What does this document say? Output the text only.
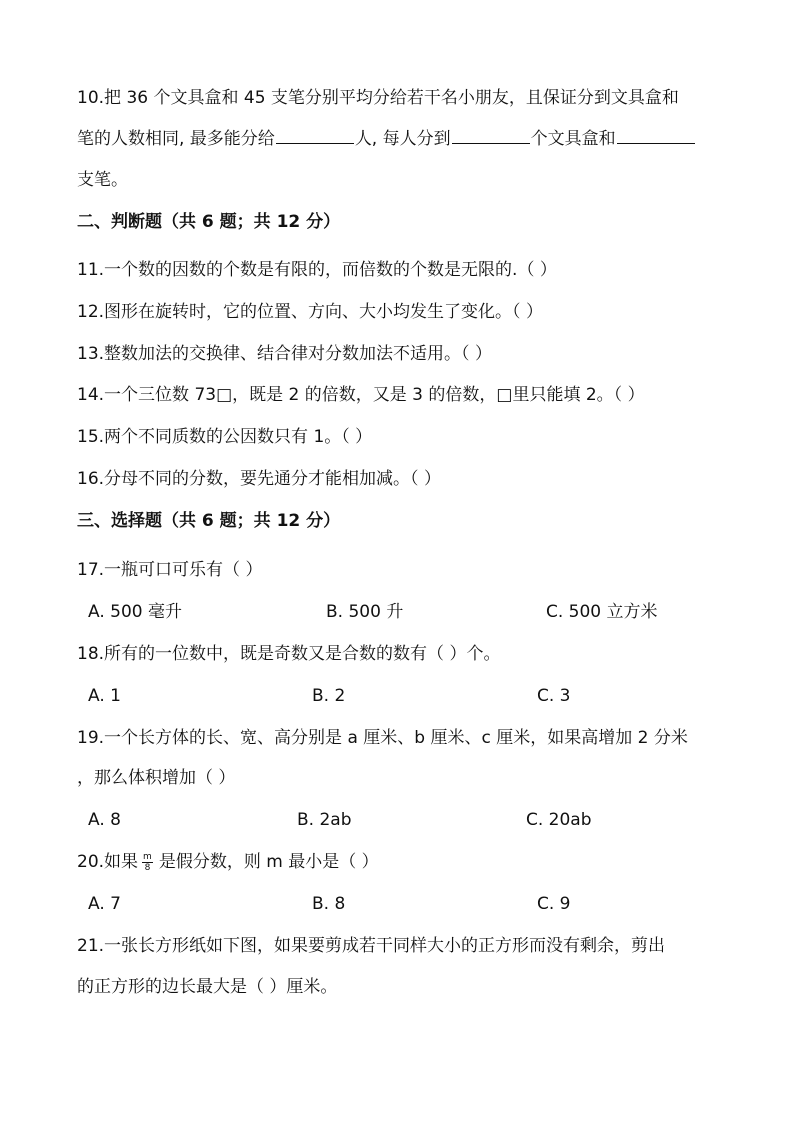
10.把 36 个文具盒和 45 支笔分别平均分给若干名小朋友，且保证分到文具盒和
笔的人数相同, 最多能分给	人, 每人分到	个文具盒和
支笔。
二、判断题（共 6 题；共 12 分）
11.一个数的因数的个数是有限的，而倍数的个数是无限的.（ ）
12.图形在旋转时，它的位置、方向、大小均发生了变化。（ ）
13.整数加法的交换律、结合律对分数加法不适用。（ ）
14.一个三位数 73□，既是 2 的倍数，又是 3 的倍数，□里只能填 2。（ ）
15.两个不同质数的公因数只有 1。（ ）
16.分母不同的分数，要先通分才能相加减。（ ）
三、选择题（共 6 题；共 12 分）
17.一瓶可口可乐有（ ）
A. 500 毫升	B. 500 升	C. 500 立方米
18.所有的一位数中，既是奇数又是合数的数有（ ）个。
A. 1	B. 2	C. 3
19.一个长方体的长、宽、高分别是 a 厘米、b 厘米、c 厘米，如果高增加 2 分米
，那么体积增加（ ）
A. 8	B. 2ab	C. 20ab
20.如果 $\frac{m}{8}$ 是假分数，则 m 最小是（ ）
A. 7	B. 8	C. 9
21.一张长方形纸如下图，如果要剪成若干同样大小的正方形而没有剩余，剪出
的正方形的边长最大是（ ）厘米。
